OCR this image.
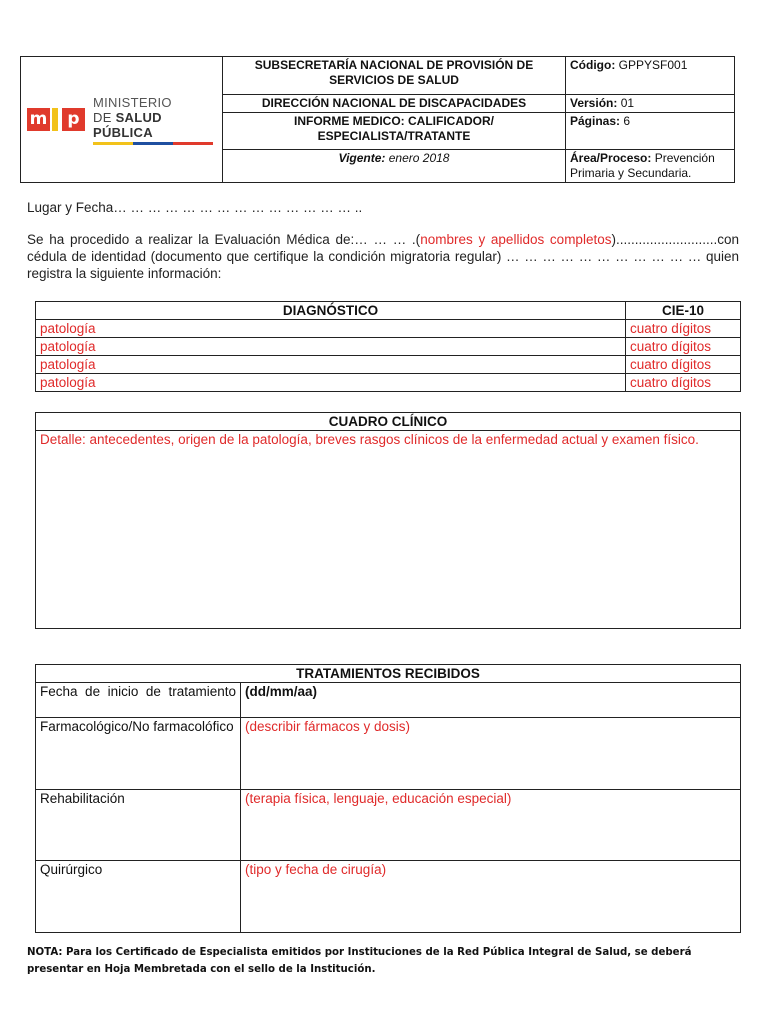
m p
MINISTERIO
DE SALUD PÚBLICA	SUBSECRETARÍA NACIONAL DE PROVISIÓN DE SERVICIOS DE SALUD	Código: GPPYSF001
	DIRECCIÓN NACIONAL DE DISCAPACIDADES	Versión: 01
	INFORME MEDICO: CALIFICADOR/ ESPECIALISTA/TRATANTE	Páginas: 6
	Vigente: enero 2018	Área/Proceso: Prevención Primaria y Secundaria.
Lugar y Fecha… … … … … … … … … … … … … … ..
Se ha procedido a realizar la Evaluación Médica de:… … … .(nombres y apellidos completos)...........................con cédula de identidad (documento que certifique la condición migratoria regular) … … … … … … … … … … … quien registra la siguiente información:
DIAGNÓSTICO	CIE-10
patología	cuatro dígitos
patología	cuatro dígitos
patología	cuatro dígitos
patología	cuatro dígitos
CUADRO CLÍNICO
Detalle: antecedentes, origen de la patología, breves rasgos clínicos de la enfermedad actual y examen físico.
TRATAMIENTOS RECIBIDOS	
Fecha de inicio de tratamiento	(dd/mm/aa)
Farmacológico/No farmacolófico	(describir fármacos y dosis)
Rehabilitación	(terapia física, lenguaje, educación especial)
Quirúrgico	(tipo y fecha de cirugía)
NOTA: Para los Certificado de Especialista emitidos por Instituciones de la Red Pública Integral de Salud, se deberá presentar en Hoja Membretada con el sello de la Institución.
